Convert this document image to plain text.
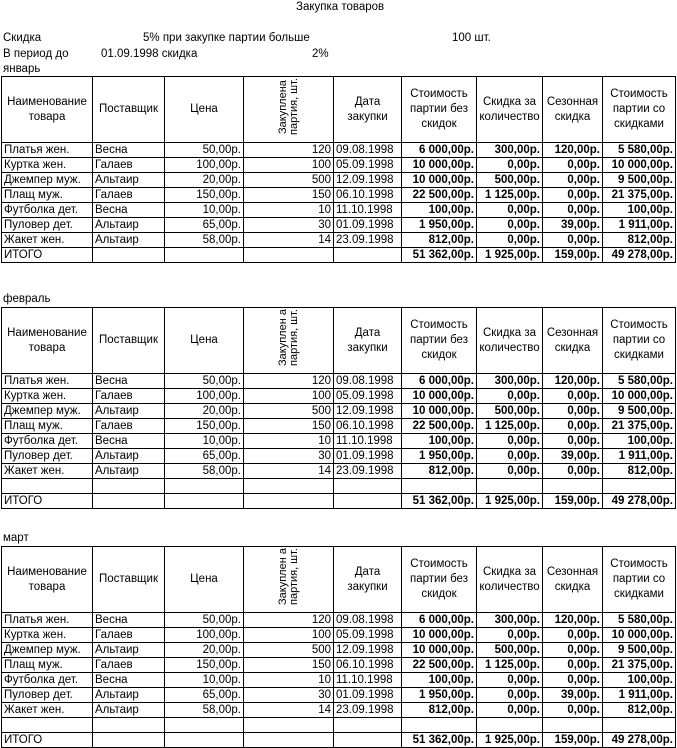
Закупка товаров
Скидка	5% при закупке партии больше	100 шт.
В период до	01.09.1998 скидка	2%
январь
февраль
март
Наименование товара	Поставщик	Цена	Закуплена партия, шт.	Дата закупки	Стоимость партии без скидок	Скидка за количество	Сезонная скидка	Стоимость партии со скидками
Платья жен.	Весна	50,00р.	120	09.08.1998	6 000,00р.	300,00р.	120,00р.	5 580,00р.
Куртка жен.	Галаев	100,00р.	100	05.09.1998	10 000,00р.	0,00р.	0,00р.	10 000,00р.
Джемпер муж.	Альтаир	20,00р.	500	12.09.1998	10 000,00р.	500,00р.	0,00р.	9 500,00р.
Плащ муж.	Галаев	150,00р.	150	06.10.1998	22 500,00р.	1 125,00р.	0,00р.	21 375,00р.
Футболка дет.	Весна	10,00р.	10	11.10.1998	100,00р.	0,00р.	0,00р.	100,00р.
Пуловер дет.	Альтаир	65,00р.	30	01.09.1998	1 950,00р.	0,00р.	39,00р.	1 911,00р.
Жакет жен.	Альтаир	58,00р.	14	23.09.1998	812,00р.	0,00р.	0,00р.	812,00р.
ИТОГО					51 362,00р.	1 925,00р.	159,00р.	49 278,00р.
Наименование товара	Поставщик	Цена	Закуплен а партия, шт.	Дата закупки	Стоимость партии без скидок	Скидка за количество	Сезонная скидка	Стоимость партии со скидками
Платья жен.	Весна	50,00р.	120	09.08.1998	6 000,00р.	300,00р.	120,00р.	5 580,00р.
Куртка жен.	Галаев	100,00р.	100	05.09.1998	10 000,00р.	0,00р.	0,00р.	10 000,00р.
Джемпер муж.	Альтаир	20,00р.	500	12.09.1998	10 000,00р.	500,00р.	0,00р.	9 500,00р.
Плащ муж.	Галаев	150,00р.	150	06.10.1998	22 500,00р.	1 125,00р.	0,00р.	21 375,00р.
Футболка дет.	Весна	10,00р.	10	11.10.1998	100,00р.	0,00р.	0,00р.	100,00р.
Пуловер дет.	Альтаир	65,00р.	30	01.09.1998	1 950,00р.	0,00р.	39,00р.	1 911,00р.
Жакет жен.	Альтаир	58,00р.	14	23.09.1998	812,00р.	0,00р.	0,00р.	812,00р.

ИТОГО					51 362,00р.	1 925,00р.	159,00р.	49 278,00р.
Наименование товара	Поставщик	Цена	Закуплен а партия, шт.	Дата закупки	Стоимость партии без скидок	Скидка за количество	Сезонная скидка	Стоимость партии со скидками
Платья жен.	Весна	50,00р.	120	09.08.1998	6 000,00р.	300,00р.	120,00р.	5 580,00р.
Куртка жен.	Галаев	100,00р.	100	05.09.1998	10 000,00р.	0,00р.	0,00р.	10 000,00р.
Джемпер муж.	Альтаир	20,00р.	500	12.09.1998	10 000,00р.	500,00р.	0,00р.	9 500,00р.
Плащ муж.	Галаев	150,00р.	150	06.10.1998	22 500,00р.	1 125,00р.	0,00р.	21 375,00р.
Футболка дет.	Весна	10,00р.	10	11.10.1998	100,00р.	0,00р.	0,00р.	100,00р.
Пуловер дет.	Альтаир	65,00р.	30	01.09.1998	1 950,00р.	0,00р.	39,00р.	1 911,00р.
Жакет жен.	Альтаир	58,00р.	14	23.09.1998	812,00р.	0,00р.	0,00р.	812,00р.

ИТОГО					51 362,00р.	1 925,00р.	159,00р.	49 278,00р.
